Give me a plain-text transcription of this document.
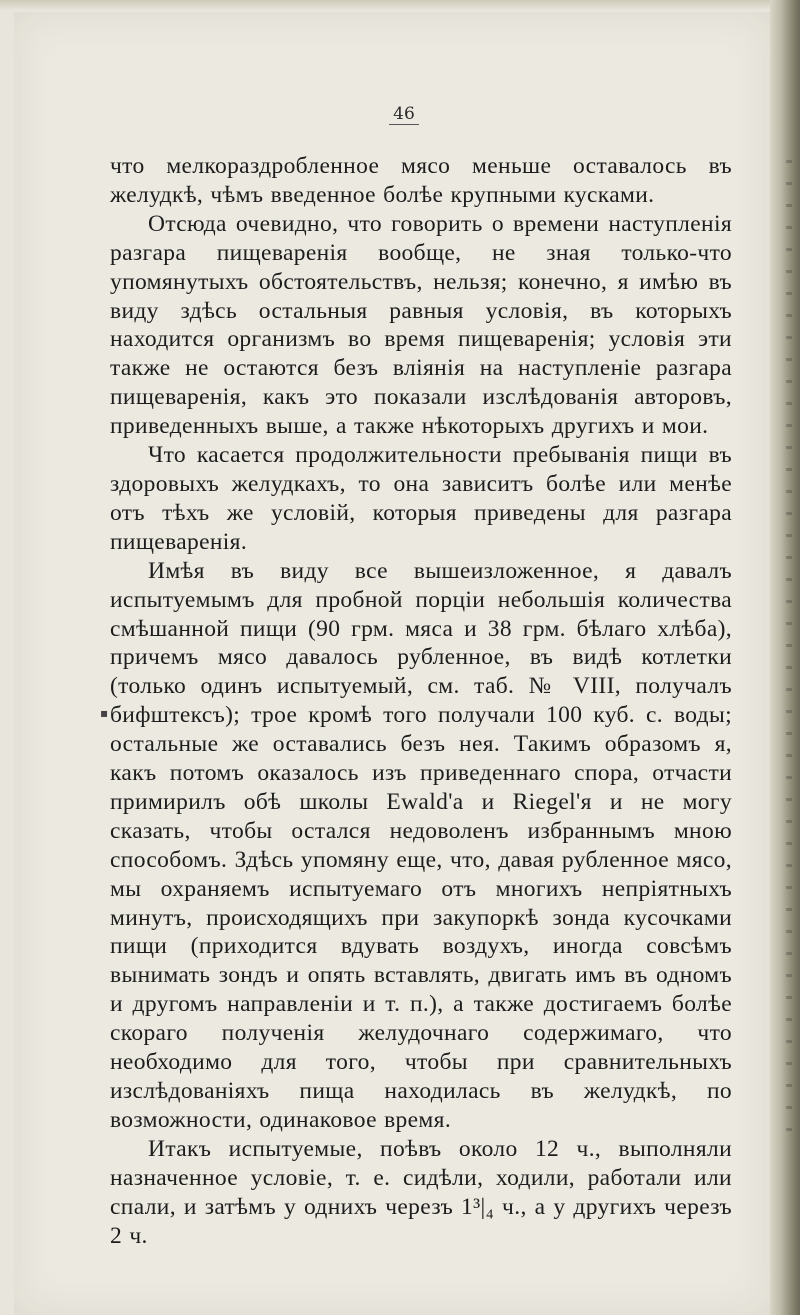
46
▪

что мелкораздробленное мясо меньше оставалось въ желудкѣ, чѣмъ введенное болѣе крупными кусками.

Отсюда очевидно, что говорить о времени наступленія разгара пищеваренія вообще, не зная только-что упомянутыхъ обстоятельствъ, нельзя; конечно, я имѣю въ виду здѣсь остальныя равныя условія, въ которыхъ находится организмъ во время пищеваренія; условія эти также не остаются безъ вліянія на наступленіе разгара пищеваренія, какъ это показали изслѣдованія авторовъ, приведенныхъ выше, а также нѣкоторыхъ другихъ и мои.

Что касается продолжительности пребыванія пищи въ здоровыхъ желудкахъ, то она зависитъ болѣе или менѣе отъ тѣхъ же условій, которыя приведены для разгара пищеваренія.

Имѣя въ виду все вышеизложенное, я давалъ испытуемымъ для пробной порціи небольшія количества смѣшанной пищи (90 грм. мяса и 38 грм. бѣлаго хлѣба), причемъ мясо давалось рубленное, въ видѣ котлетки (только одинъ испытуемый, см. таб. № VIII, получалъ бифштексъ); трое кромѣ того получали 100 куб. с. воды; остальные же оставались безъ нея. Такимъ образомъ я, какъ потомъ оказалось изъ приведеннаго спора, отчасти примирилъ обѣ школы Ewald'a и Riegel'я и не могу сказать, чтобы остался недоволенъ избраннымъ мною способомъ. Здѣсь упомяну еще, что, давая рубленное мясо, мы охраняемъ испытуемаго отъ многихъ непріятныхъ минутъ, происходящихъ при закупоркѣ зонда кусочками пищи (приходится вдувать воздухъ, иногда совсѣмъ вынимать зондъ и опять вставлять, двигать имъ въ одномъ и другомъ направленіи и т. п.), а также достигаемъ болѣе скораго полученія желудочнаго содержимаго, что необходимо для того, чтобы при сравнительныхъ изслѣдованіяхъ пища находилась въ желудкѣ, по возможности, одинаковое время.

Итакъ испытуемые, поѣвъ около 12 ч., выполняли назначенное условіе, т. е. сидѣли, ходили, работали или спали, и затѣмъ у однихъ черезъ 1³|₄ ч., а у другихъ черезъ 2 ч.
